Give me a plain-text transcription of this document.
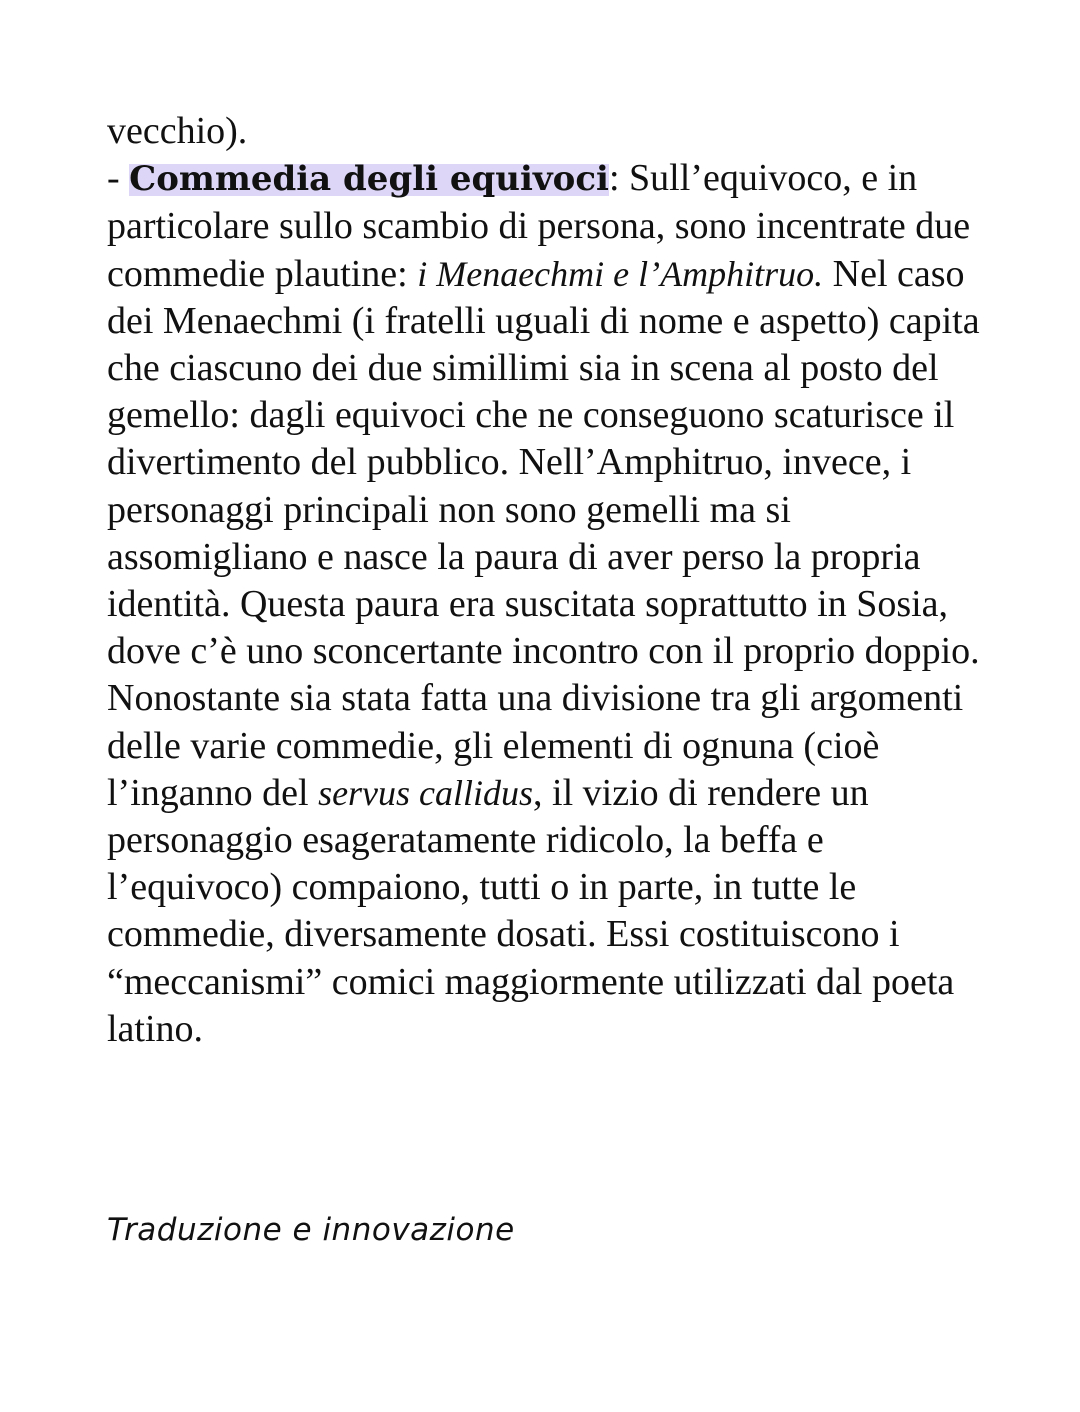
vecchio).

- Commedia degli equivoci: Sull’equivoco, e in particolare sullo scambio di persona, sono incentrate due commedie plautine: i Menaechmi e l’Amphitruo. Nel caso dei Menaechmi (i fratelli uguali di nome e aspetto) capita che ciascuno dei due simillimi sia in scena al posto del gemello: dagli equivoci che ne conseguono scaturisce il divertimento del pubblico. Nell’Amphitruo, invece, i personaggi principali non sono gemelli ma si assomigliano e nasce la paura di aver perso la propria identità. Questa paura era suscitata soprattutto in Sosia, dove c’è uno sconcertante incontro con il proprio doppio.

Nonostante sia stata fatta una divisione tra gli argomenti delle varie commedie, gli elementi di ognuna (cioè l’inganno del servus callidus, il vizio di rendere un personaggio esageratamente ridicolo, la beffa e l’equivoco) compaiono, tutti o in parte, in tutte le commedie, diversamente dosati. Essi costituiscono i “meccanismi” comici maggiormente utilizzati dal poeta latino.

Traduzione e innovazione
